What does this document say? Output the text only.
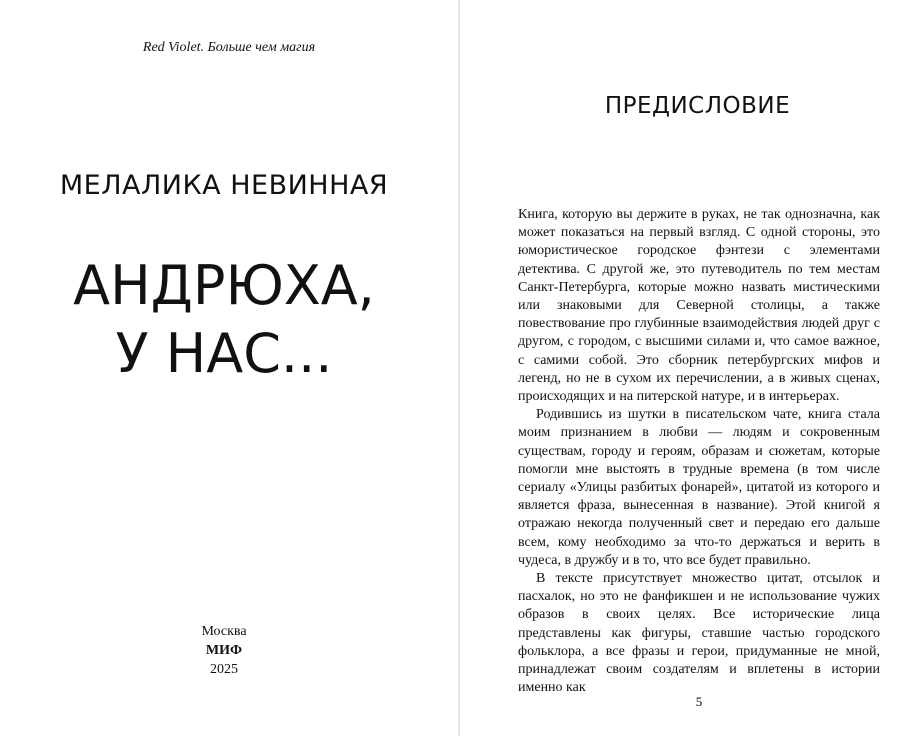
Red Violet. Больше чем магия
МЕЛАЛИКА НЕВИННАЯ
АНДРЮХА,
У НАС...
Москва
МИФ
2025
ПРЕДИСЛОВИЕ

Книга, которую вы держите в руках, не так однозначна, как может показаться на первый взгляд. С одной стороны, это юмористическое городское фэнтези с элементами детектива. С другой же, это путеводитель по тем местам Санкт-Петербурга, которые можно назвать мистическими или знаковыми для Северной столицы, а также повествование про глубинные взаимодействия людей друг с другом, с городом, с высшими силами и, что самое важное, с самими собой. Это сборник петербургских мифов и легенд, но не в сухом их перечислении, а в живых сценах, происходящих и на питерской натуре, и в интерьерах.

Родившись из шутки в писательском чате, книга стала моим признанием в любви — людям и сокровенным существам, городу и героям, образам и сюжетам, которые помогли мне выстоять в трудные времена (в том числе сериалу «Улицы разбитых фонарей», цитатой из которого и является фраза, вынесенная в название). Этой книгой я отражаю некогда полученный свет и передаю его дальше всем, кому необходимо за что-то держаться и верить в чудеса, в дружбу и в то, что все будет правильно.

В тексте присутствует множество цитат, отсылок и пасхалок, но это не фанфикшен и не использование чужих образов в своих целях. Все исторические лица представлены как фигуры, ставшие частью городского фольклора, а все фразы и герои, придуманные не мной, принадлежат своим создателям и вплетены в истории именно как

5
